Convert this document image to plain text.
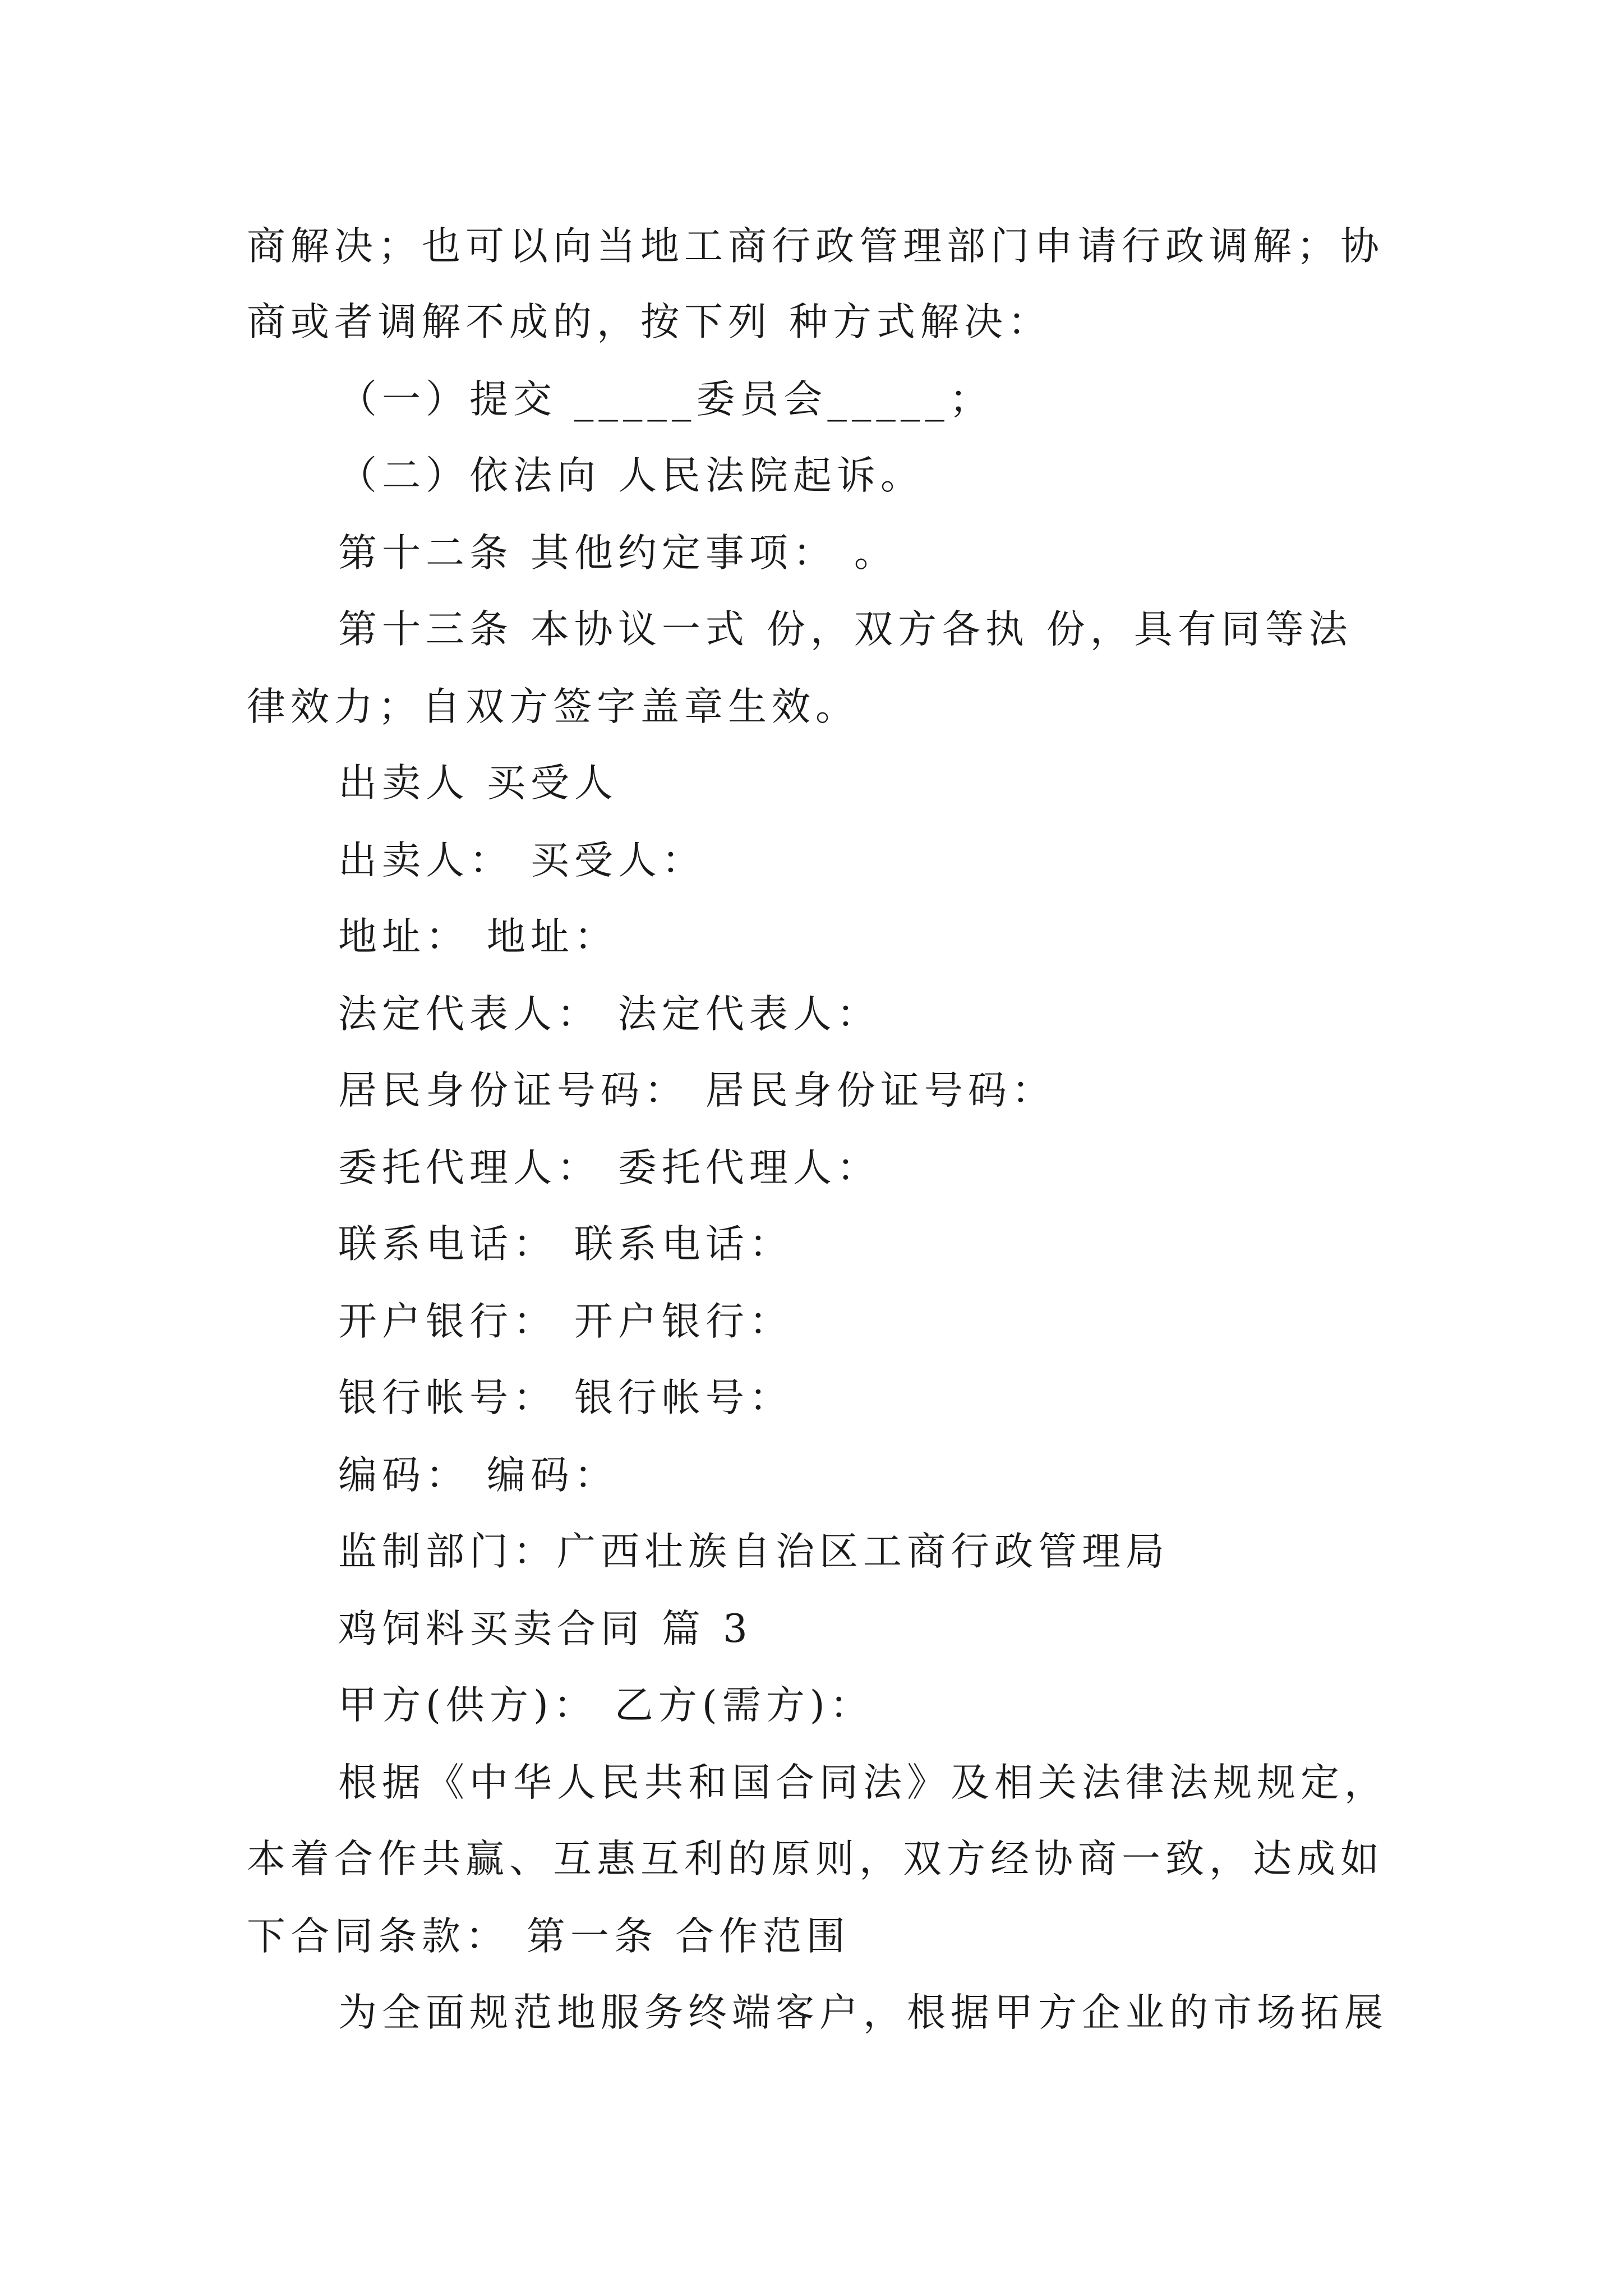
商解决；也可以向当地工商行政管理部门申请行政调解；协

商或者调解不成的，按下列 种方式解决：

（一）提交 _____委员会_____；

（二）依法向 人民法院起诉。

第十二条 其他约定事项： 。

第十三条 本协议一式 份，双方各执 份，具有同等法

律效力；自双方签字盖章生效。

出卖人 买受人

出卖人： 买受人：

地址： 地址：

法定代表人： 法定代表人：

居民身份证号码： 居民身份证号码：

委托代理人： 委托代理人：

联系电话： 联系电话：

开户银行： 开户银行：

银行帐号： 银行帐号：

编码： 编码：

监制部门：广西壮族自治区工商行政管理局

鸡饲料买卖合同 篇 3

甲方(供方)： 乙方(需方)：

根据《中华人民共和国合同法》及相关法律法规规定，

本着合作共赢、互惠互利的原则，双方经协商一致，达成如

下合同条款： 第一条 合作范围

为全面规范地服务终端客户，根据甲方企业的市场拓展
